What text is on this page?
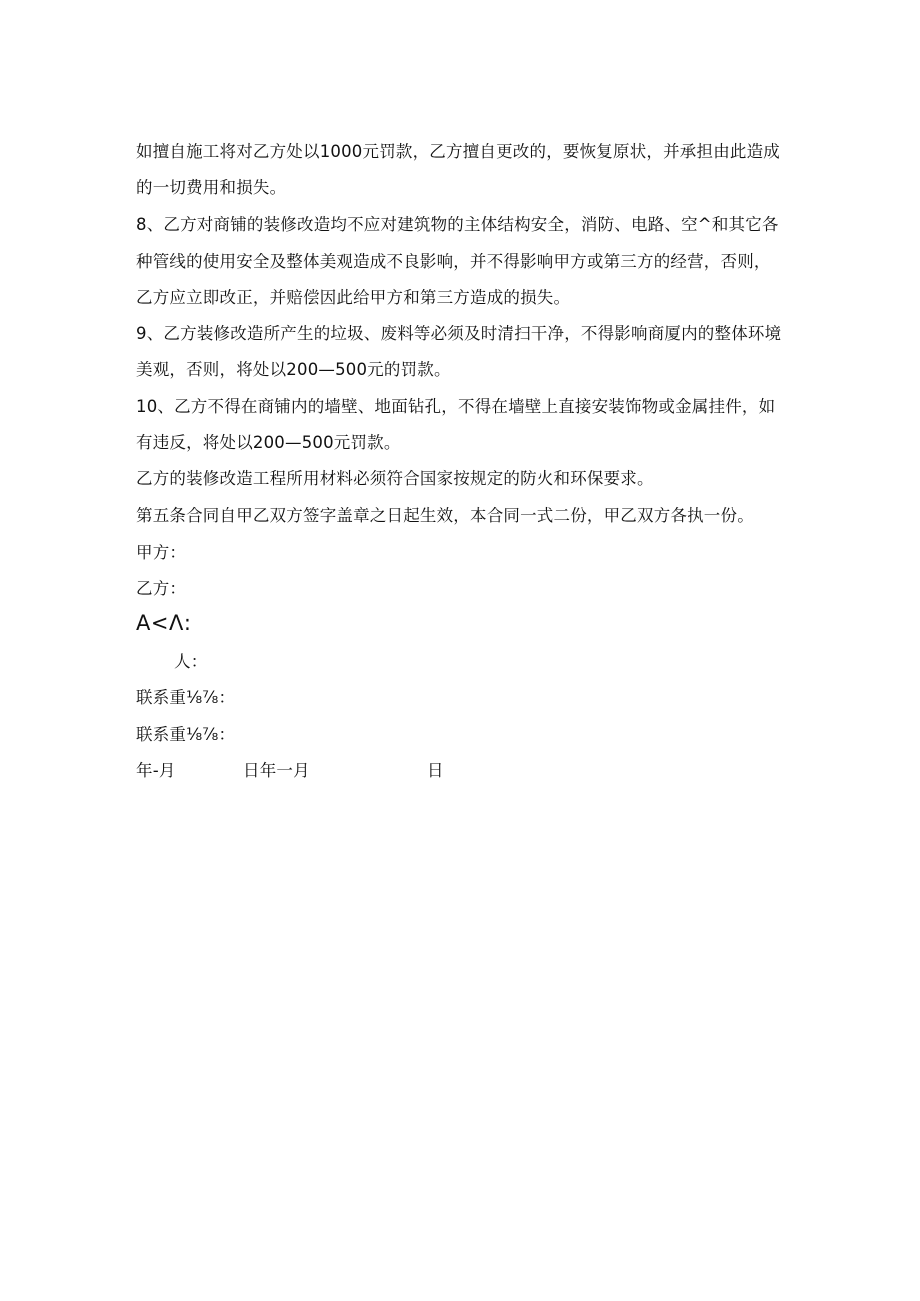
如擅自施工将对乙方处以1000元罚款，乙方擅自更改的，要恢复原状，并承担由此造成
的一切费用和损失。
8、乙方对商铺的装修改造均不应对建筑物的主体结构安全，消防、电路、空^和其它各
种管线的使用安全及整体美观造成不良影响，并不得影响甲方或第三方的经营，否则，
乙方应立即改正，并赔偿因此给甲方和第三方造成的损失。
9、乙方装修改造所产生的垃圾、废料等必须及时清扫干净，不得影响商厦内的整体环境
美观，否则，将处以200—500元的罚款。
10、乙方不得在商铺内的墙壁、地面钻孔，不得在墙壁上直接安装饰物或金属挂件，如
有违反，将处以200—500元罚款。
乙方的装修改造工程所用材料必须符合国家按规定的防火和环保要求。
第五条合同自甲乙双方签字盖章之日起生效，本合同一式二份，甲乙双方各执一份。
甲方：
乙方：
A<Λ:
人：
联系重⅛⅞：
联系重⅛⅞：
年-月	日年一月	日
